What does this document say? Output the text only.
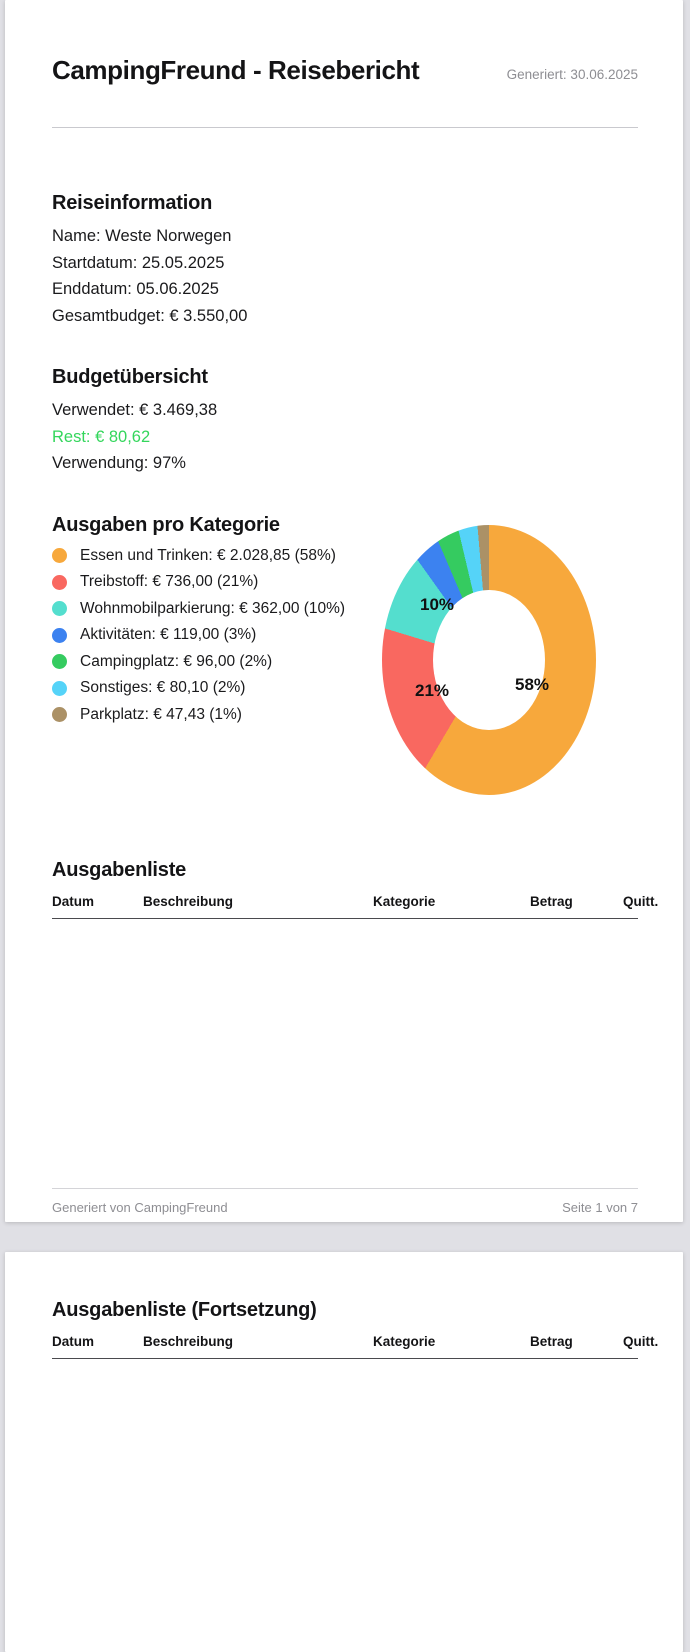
CampingFreund - Reisebericht	Generiert: 30.06.2025
Reiseinformation
Name: Weste Norwegen
Startdatum: 25.05.2025
Enddatum: 05.06.2025
Gesamtbudget: € 3.550,00
Budgetübersicht
Verwendet: € 3.469,38
Rest: € 80,62
Verwendung: 97%
Ausgaben pro Kategorie
Essen und Trinken: € 2.028,85 (58%)
Treibstoff: € 736,00 (21%)
Wohnmobilparkierung: € 362,00 (10%)
Aktivitäten: € 119,00 (3%)
Campingplatz: € 96,00 (2%)
Sonstiges: € 80,10 (2%)
Parkplatz: € 47,43 (1%)
Ausgabenliste
Datum	Beschreibung	Kategorie	Betrag	Quitt.
58%
21%
10%
Generiert von CampingFreund	Seite 1 von 7
Ausgabenliste (Fortsetzung)
Datum	Beschreibung	Kategorie	Betrag	Quitt.
